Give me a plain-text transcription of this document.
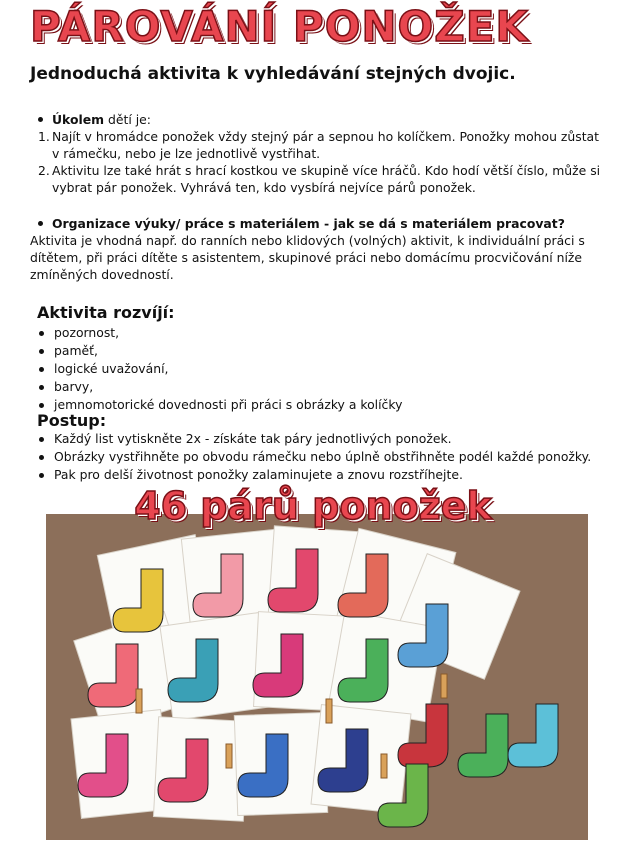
PÁROVÁNÍ PONOŽEK
Jednoduchá aktivita k vyhledávání stejných dvojic.
Úkolem dětí je:
1. Najít v hromádce ponožek vždy stejný pár a sepnou ho kolíčkem. Ponožky mohou zůstat v rámečku, nebo je lze jednotlivě vystřihat.
2. Aktivitu lze také hrát s hrací kostkou ve skupině více hráčů. Kdo hodí větší číslo, může si vybrat pár ponožek. Vyhrává ten, kdo vysbírá nejvíce párů ponožek.
Organizace výuky/ práce s materiálem - jak se dá s materiálem pracovat?
Aktivita je vhodná např. do ranních nebo klidových (volných) aktivit, k individuální práci s dítětem, při práci dítěte s asistentem, skupinové práci nebo domácímu procvičování níže zmíněných dovedností.
Aktivita rozvíjí:
pozornost,
paměť,
logické uvažování,
barvy,
jemnomotorické dovednosti při práci s obrázky a kolíčky
Postup:
Každý list vytiskněte 2x - získáte tak páry jednotlivých ponožek.
Obrázky vystřihněte po obvodu rámečku nebo úplně obstřihněte podél každé ponožky.
Pak pro delší životnost ponožky zalaminujete a znovu rozstříhejte.
46 párů ponožek
